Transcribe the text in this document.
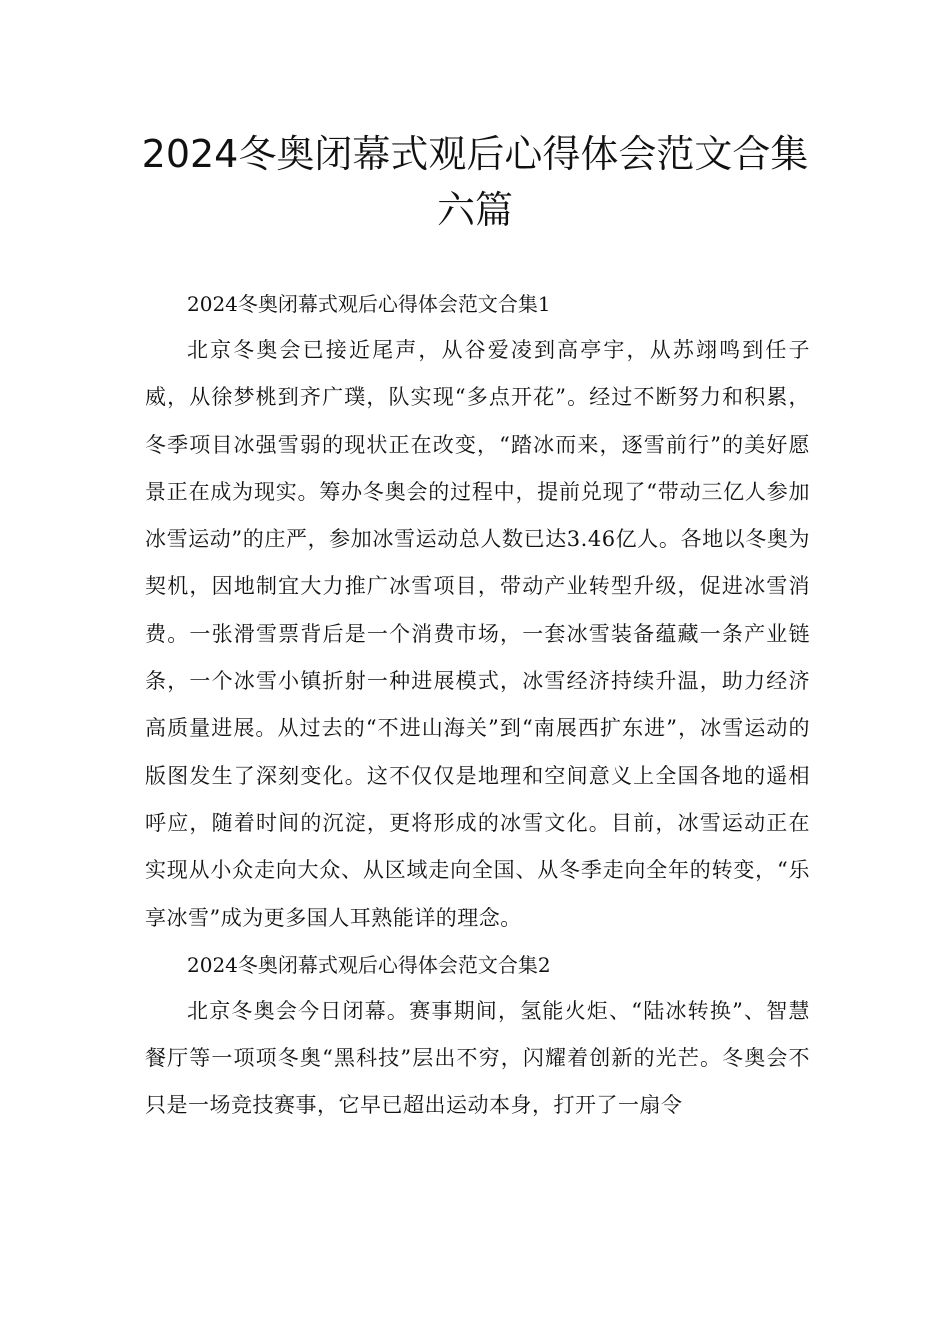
2024冬奥闭幕式观后心得体会范文合集
六篇

2024冬奥闭幕式观后心得体会范文合集1

北京冬奥会已接近尾声，从谷爱凌到高亭宇，从苏翊鸣到任子威，从徐梦桃到齐广璞，队实现“多点开花”。经过不断努力和积累，冬季项目冰强雪弱的现状正在改变，“踏冰而来，逐雪前行”的美好愿景正在成为现实。筹办冬奥会的过程中，提前兑现了“带动三亿人参加冰雪运动”的庄严，参加冰雪运动总人数已达3.46亿人。各地以冬奥为契机，因地制宜大力推广冰雪项目，带动产业转型升级，促进冰雪消费。一张滑雪票背后是一个消费市场，一套冰雪装备蕴藏一条产业链条，一个冰雪小镇折射一种进展模式，冰雪经济持续升温，助力经济高质量进展。从过去的“不进山海关”到“南展西扩东进”，冰雪运动的版图发生了深刻变化。这不仅仅是地理和空间意义上全国各地的遥相呼应，随着时间的沉淀，更将形成的冰雪文化。目前，冰雪运动正在实现从小众走向大众、从区域走向全国、从冬季走向全年的转变，“乐享冰雪”成为更多国人耳熟能详的理念。

2024冬奥闭幕式观后心得体会范文合集2

北京冬奥会今日闭幕。赛事期间，氢能火炬、“陆冰转换”、智慧餐厅等一项项冬奥“黑科技”层出不穷，闪耀着创新的光芒。冬奥会不只是一场竞技赛事，它早已超出运动本身，打开了一扇令
